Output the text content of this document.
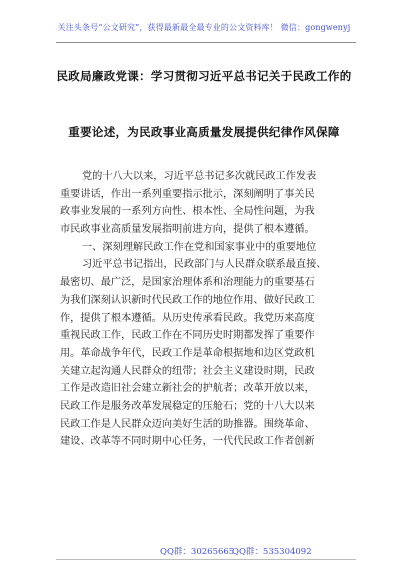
关注头条号“公文研究”，获得最新最全最专业的公文资料库！ 微信：gongwenyj
民政局廉政党课：学习贯彻习近平总书记关于民政工作的
重要论述，为民政事业高质量发展提供纪律作风保障
党的十八大以来，习近平总书记多次就民政工作发表
重要讲话，作出一系列重要指示批示，深刻阐明了事关民
政事业发展的一系列方向性、根本性、全局性问题，为我
市民政事业高质量发展指明前进方向，提供了根本遵循。
一、深刻理解民政工作在党和国家事业中的重要地位
习近平总书记指出，民政部门与人民群众联系最直接、
最密切、最广泛，是国家治理体系和治理能力的重要基石
为我们深刻认识新时代民政工作的地位作用、做好民政工
作，提供了根本遵循。从历史传承看民政。我党历来高度
重视民政工作，民政工作在不同历史时期都发挥了重要作
用。革命战争年代，民政工作是革命根据地和边区党政机
关建立起沟通人民群众的纽带；社会主义建设时期，民政
工作是改造旧社会建立新社会的护航者；改革开放以来，
民政工作是服务改革发展稳定的压舱石；党的十八大以来
民政工作是人民群众迈向美好生活的助推器。围绕革命、
建设、改革等不同时期中心任务，一代代民政工作者创新
QQ群：30265665
QQ群：535304092
